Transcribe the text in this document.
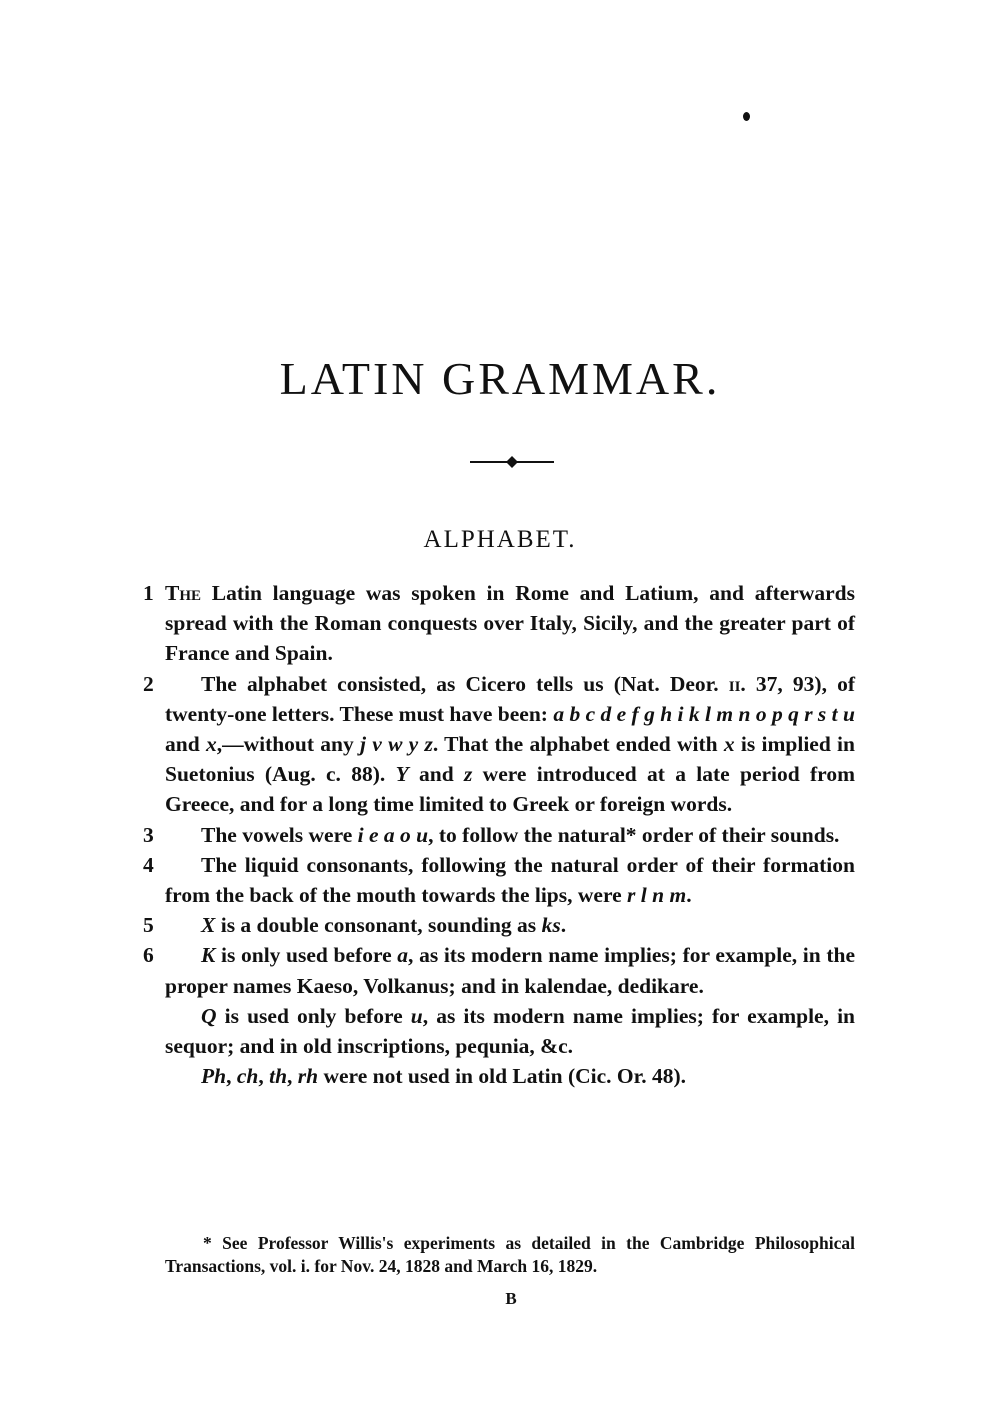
LATIN GRAMMAR.
ALPHABET.

1 The Latin language was spoken in Rome and Latium, and afterwards spread with the Roman conquests over Italy, Sicily, and the greater part of France and Spain.

2	The alphabet consisted, as Cicero tells us (Nat. Deor. ii. 37, 93), of twenty-one letters. These must have been: a b c d e f g h i k l m n o p q r s t u and x,—without any j v w y z. That the alphabet ended with x is implied in Suetonius (Aug. c. 88). Y and z were introduced at a late period from Greece, and for a long time limited to Greek or foreign words.

3	The vowels were i e a o u, to follow the natural* order of their sounds.

4	The liquid consonants, following the natural order of their formation from the back of the mouth towards the lips, were r l n m.

5	X is a double consonant, sounding as ks.

6	K is only used before a, as its modern name implies; for example, in the proper names Kaeso, Volkanus; and in kalendae, dedikare.

Q is used only before u, as its modern name implies; for example, in sequor; and in old inscriptions, pequnia, &c.

Ph, ch, th, rh were not used in old Latin (Cic. Or. 48).

* See Professor Willis's experiments as detailed in the Cambridge Philosophical Transactions, vol. i. for Nov. 24, 1828 and March 16, 1829.
B
